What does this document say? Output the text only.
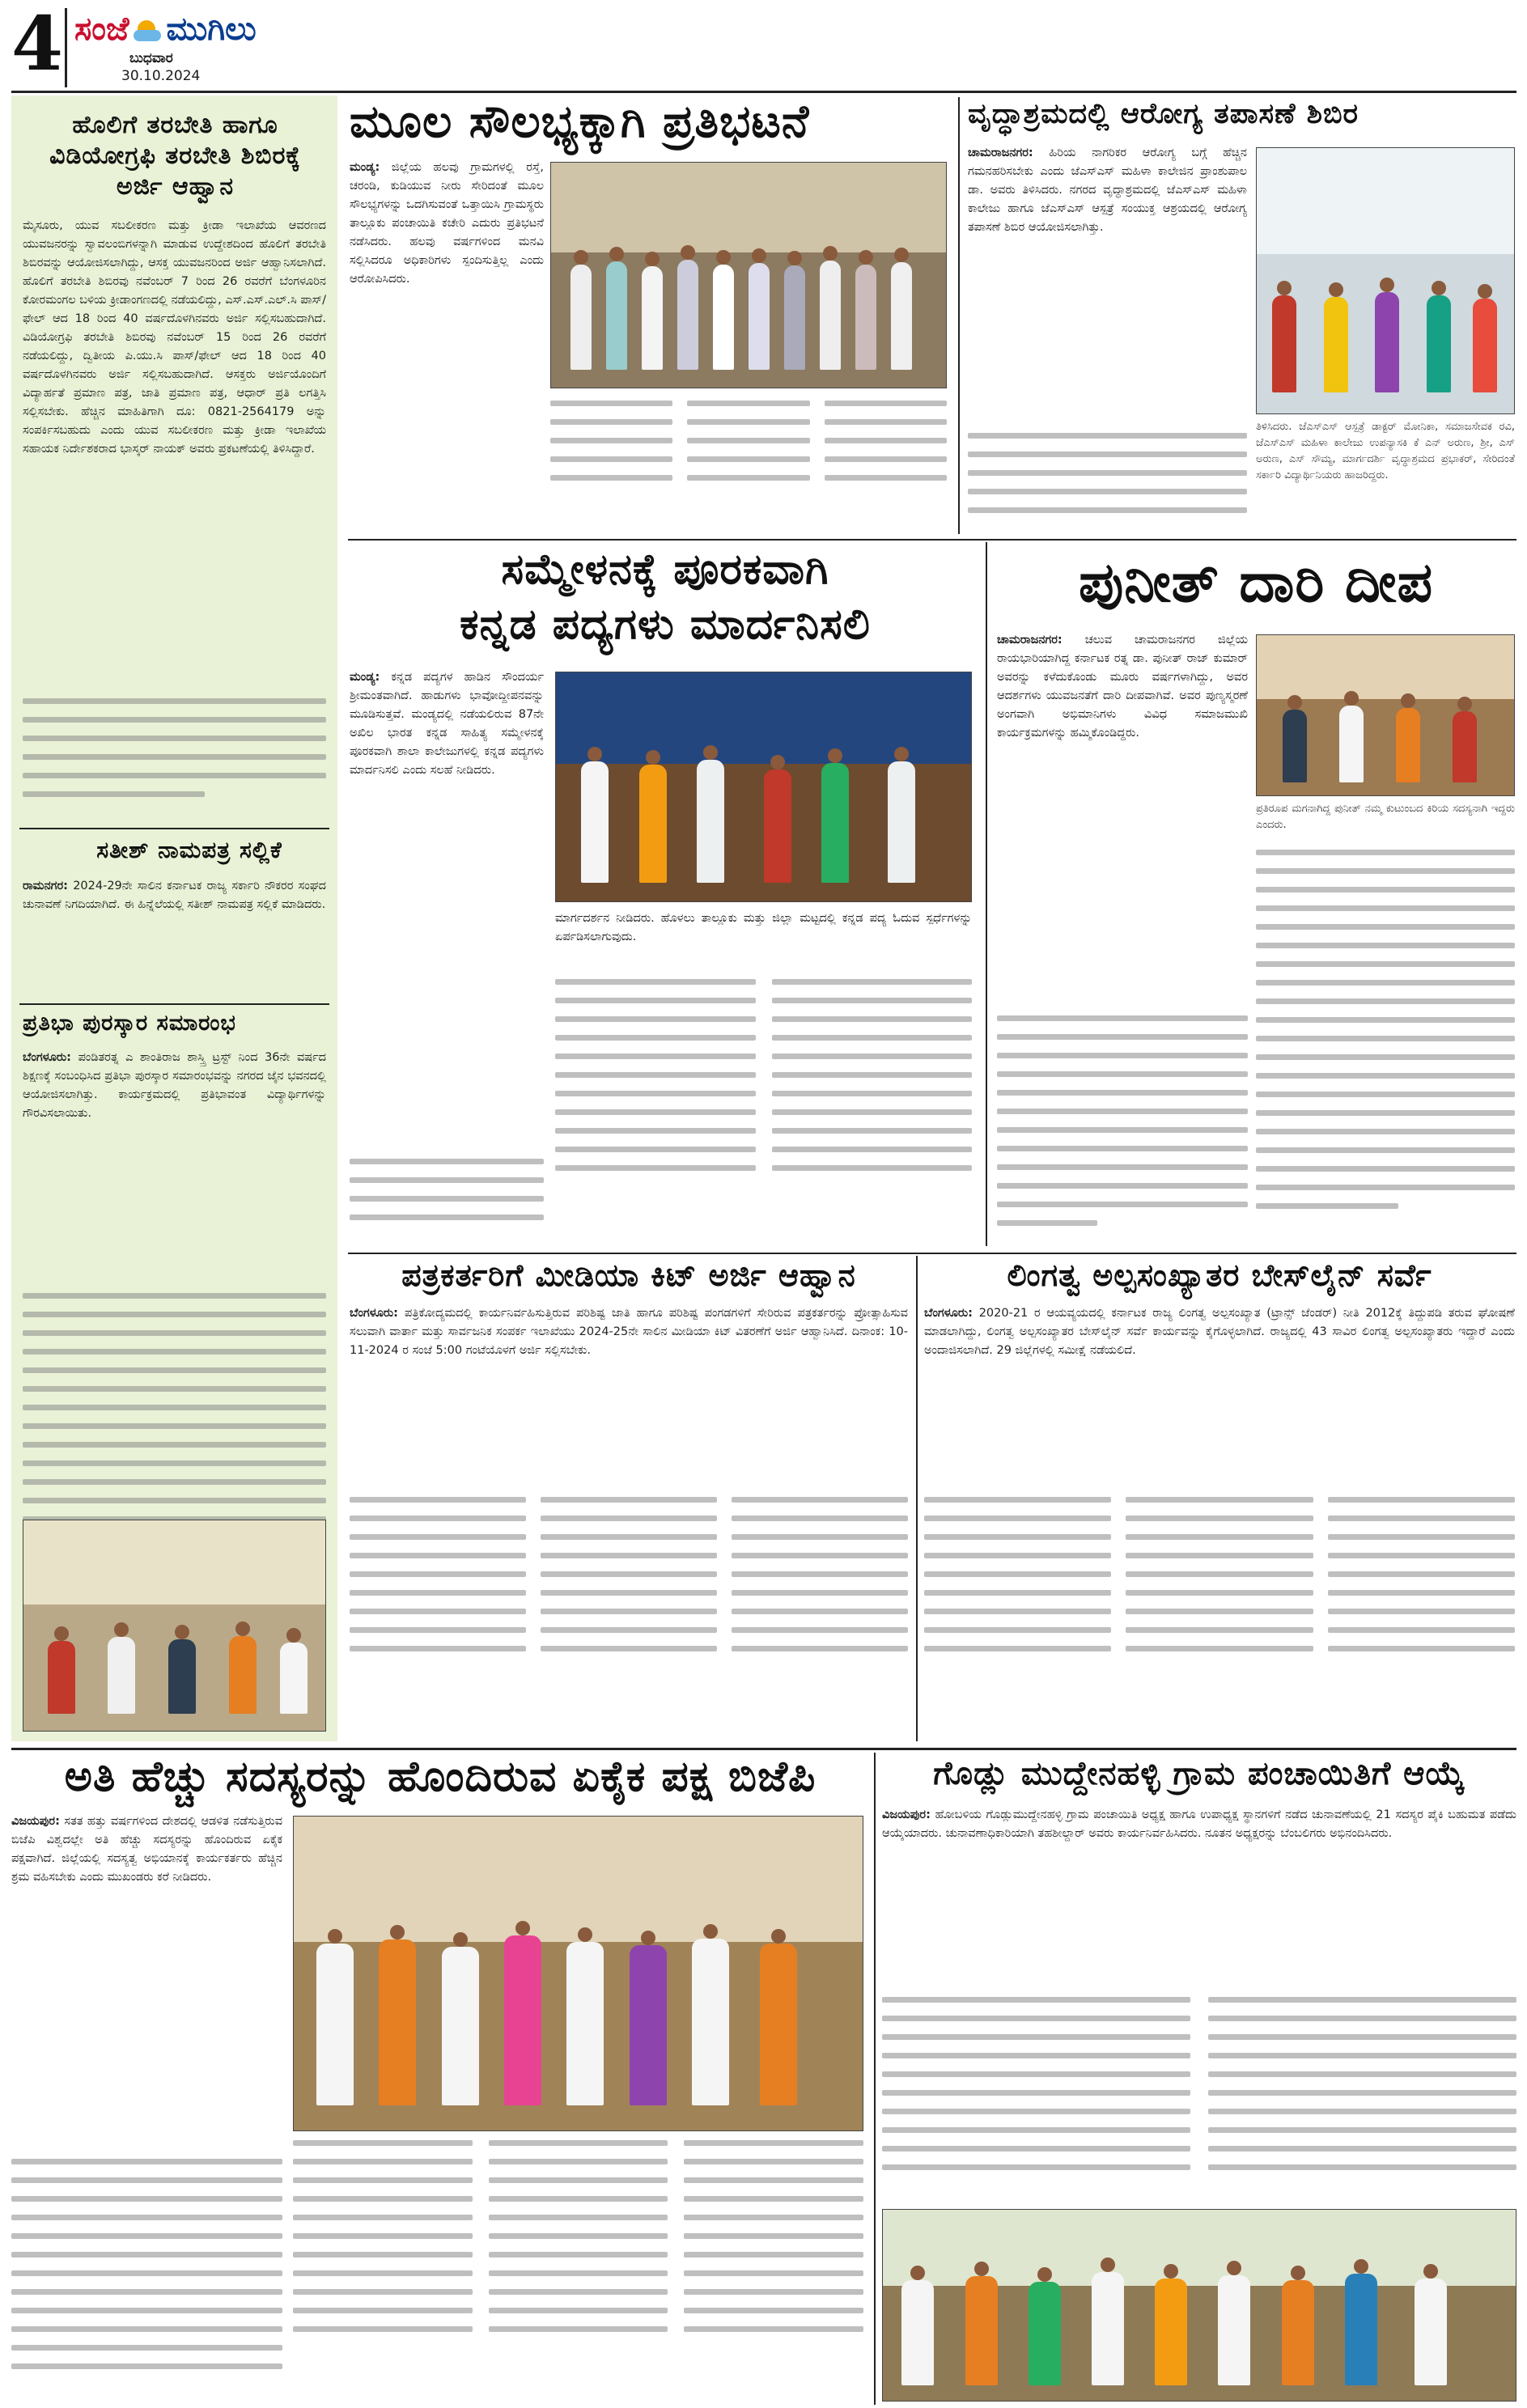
4 ಸಂಜೆ ಮುಗಿಲು
ಬುಧವಾರ
30.10.2024
ಹೊಲಿಗೆ ತರಬೇತಿ ಹಾಗೂ ವಿಡಿಯೋಗ್ರಫಿ ತರಬೇತಿ ಶಿಬಿರಕ್ಕೆ ಅರ್ಜಿ ಆಹ್ವಾನ
ಮೈಸೂರು, ಯುವ ಸಬಲೀಕರಣ ಮತ್ತು ಕ್ರೀಡಾ ಇಲಾಖೆಯ ಆವರಣದ ಯುವಜನರನ್ನು ಸ್ವಾವಲಂಬಿಗಳನ್ನಾಗಿ ಮಾಡುವ ಉದ್ದೇಶದಿಂದ ಹೊಲಿಗೆ ತರಬೇತಿ ಶಿಬಿರವನ್ನು ಆಯೋಜಿಸಲಾಗಿದ್ದು, ಆಸಕ್ತ ಯುವಜನರಿಂದ ಅರ್ಜಿ ಆಹ್ವಾನಿಸಲಾಗಿದೆ. ಹೊಲಿಗೆ ತರಬೇತಿ ಶಿಬಿರವು ನವೆಂಬರ್ 7 ರಿಂದ 26 ರವರೆಗೆ ಬೆಂಗಳೂರಿನ ಕೋರಮಂಗಲ ಬಳಿಯ ಕ್ರೀಡಾಂಗಣದಲ್ಲಿ ನಡೆಯಲಿದ್ದು, ಎಸ್.ಎಸ್.ಎಲ್.ಸಿ ಪಾಸ್/ಫೇಲ್ ಆದ 18 ರಿಂದ 40 ವರ್ಷದೊಳಗಿನವರು ಅರ್ಜಿ ಸಲ್ಲಿಸಬಹುದಾಗಿದೆ. ವಿಡಿಯೋಗ್ರಫಿ ತರಬೇತಿ ಶಿಬಿರವು ನವೆಂಬರ್ 15 ರಿಂದ 26 ರವರೆಗೆ ನಡೆಯಲಿದ್ದು, ದ್ವಿತೀಯ ಪಿ.ಯು.ಸಿ ಪಾಸ್/ಫೇಲ್ ಆದ 18 ರಿಂದ 40 ವರ್ಷದೊಳಗಿನವರು ಅರ್ಜಿ ಸಲ್ಲಿಸಬಹುದಾಗಿದೆ. ಆಸಕ್ತರು ಅರ್ಜಿಯೊಂದಿಗೆ ವಿದ್ಯಾರ್ಹತೆ ಪ್ರಮಾಣ ಪತ್ರ, ಜಾತಿ ಪ್ರಮಾಣ ಪತ್ರ, ಆಧಾರ್ ಪ್ರತಿ ಲಗತ್ತಿಸಿ ಸಲ್ಲಿಸಬೇಕು. ಹೆಚ್ಚಿನ ಮಾಹಿತಿಗಾಗಿ ದೂ: 0821-2564179 ಅನ್ನು ಸಂಪರ್ಕಿಸಬಹುದು ಎಂದು ಯುವ ಸಬಲೀಕರಣ ಮತ್ತು ಕ್ರೀಡಾ ಇಲಾಖೆಯ ಸಹಾಯಕ ನಿರ್ದೇಶಕರಾದ ಭಾಸ್ಕರ್ ನಾಯಕ್ ಅವರು ಪ್ರಕಟಣೆಯಲ್ಲಿ ತಿಳಿಸಿದ್ದಾರೆ.
ಸತೀಶ್ ನಾಮಪತ್ರ ಸಲ್ಲಿಕೆ
ರಾಮನಗರ: 2024-29ನೇ ಸಾಲಿನ ಕರ್ನಾಟಕ ರಾಜ್ಯ ಸರ್ಕಾರಿ ನೌಕರರ ಸಂಘದ ಚುನಾವಣೆ ನಿಗದಿಯಾಗಿದೆ. ಈ ಹಿನ್ನೆಲೆಯಲ್ಲಿ ಸತೀಶ್ ನಾಮಪತ್ರ ಸಲ್ಲಿಕೆ ಮಾಡಿದರು.
ಪ್ರತಿಭಾ ಪುರಸ್ಕಾರ ಸಮಾರಂಭ
ಬೆಂಗಳೂರು: ಪಂಡಿತರತ್ನ ಎ ಶಾಂತಿರಾಜ ಶಾಸ್ತ್ರಿ ಟ್ರಸ್ಟ್ ನಿಂದ 36ನೇ ವರ್ಷದ ಶಿಕ್ಷಣಕ್ಕೆ ಸಂಬಂಧಿಸಿದ ಪ್ರತಿಭಾ ಪುರಸ್ಕಾರ ಸಮಾರಂಭವನ್ನು ನಗರದ ಜೈನ ಭವನದಲ್ಲಿ ಆಯೋಜಿಸಲಾಗಿತ್ತು. ಕಾರ್ಯಕ್ರಮದಲ್ಲಿ ಪ್ರತಿಭಾವಂತ ವಿದ್ಯಾರ್ಥಿಗಳನ್ನು ಗೌರವಿಸಲಾಯಿತು.
ಮೂಲ ಸೌಲಭ್ಯಕ್ಕಾಗಿ ಪ್ರತಿಭಟನೆ
ಮಂಡ್ಯ: ಜಿಲ್ಲೆಯ ಹಲವು ಗ್ರಾಮಗಳಲ್ಲಿ ರಸ್ತೆ, ಚರಂಡಿ, ಕುಡಿಯುವ ನೀರು ಸೇರಿದಂತೆ ಮೂಲ ಸೌಲಭ್ಯಗಳನ್ನು ಒದಗಿಸುವಂತೆ ಒತ್ತಾಯಿಸಿ ಗ್ರಾಮಸ್ಥರು ತಾಲ್ಲೂಕು ಪಂಚಾಯಿತಿ ಕಚೇರಿ ಎದುರು ಪ್ರತಿಭಟನೆ ನಡೆಸಿದರು. ಹಲವು ವರ್ಷಗಳಿಂದ ಮನವಿ ಸಲ್ಲಿಸಿದರೂ ಅಧಿಕಾರಿಗಳು ಸ್ಪಂದಿಸುತ್ತಿಲ್ಲ ಎಂದು ಆರೋಪಿಸಿದರು.
ವೃದ್ಧಾಶ್ರಮದಲ್ಲಿ ಆರೋಗ್ಯ ತಪಾಸಣೆ ಶಿಬಿರ
ಚಾಮರಾಜನಗರ: ಹಿರಿಯ ನಾಗರಿಕರ ಆರೋಗ್ಯ ಬಗ್ಗೆ ಹೆಚ್ಚಿನ ಗಮನಹರಿಸಬೇಕು ಎಂದು ಜೆಎಸ್ಎಸ್ ಮಹಿಳಾ ಕಾಲೇಜಿನ ಪ್ರಾಂಶುಪಾಲ ಡಾ. ಅವರು ತಿಳಿಸಿದರು. ನಗರದ ವೃದ್ಧಾಶ್ರಮದಲ್ಲಿ ಜೆಎಸ್ಎಸ್ ಮಹಿಳಾ ಕಾಲೇಜು ಹಾಗೂ ಜೆಎಸ್ಎಸ್ ಆಸ್ಪತ್ರೆ ಸಂಯುಕ್ತ ಆಶ್ರಯದಲ್ಲಿ ಆರೋಗ್ಯ ತಪಾಸಣೆ ಶಿಬಿರ ಆಯೋಜಿಸಲಾಗಿತ್ತು.
ತಿಳಿಸಿದರು. ಜೆಎಸ್ಎಸ್ ಆಸ್ಪತ್ರೆ ಡಾಕ್ಟರ್ ಮೋನಿಕಾ, ಸಮಾಜಸೇವಕ ರವಿ, ಜೆಎಸ್ಎಸ್ ಮಹಿಳಾ ಕಾಲೇಜು ಉಪನ್ಯಾಸಕಿ ಕೆ ಎನ್ ಅರುಣ, ಶ್ರೀ, ಎಸ್ ಅರುಣ, ಎಸ್ ಸೌಮ್ಯ, ಮಾರ್ಗದರ್ಶಿ ವೃದ್ಧಾಶ್ರಮದ ಪ್ರಭಾಕರ್, ಸೇರಿದಂತೆ ಸರ್ಕಾರಿ ವಿದ್ಯಾರ್ಥಿನಿಯರು ಹಾಜರಿದ್ದರು.
ಸಮ್ಮೇಳನಕ್ಕೆ ಪೂರಕವಾಗಿ
ಕನ್ನಡ ಪದ್ಯಗಳು ಮಾರ್ದನಿಸಲಿ
ಮಂಡ್ಯ: ಕನ್ನಡ ಪದ್ಯಗಳ ಹಾಡಿನ ಸೌಂದರ್ಯ ಶ್ರೀಮಂತವಾಗಿದೆ. ಹಾಡುಗಳು ಭಾವೋದ್ದೀಪನವನ್ನು ಮೂಡಿಸುತ್ತವೆ. ಮಂಡ್ಯದಲ್ಲಿ ನಡೆಯಲಿರುವ 87ನೇ ಅಖಿಲ ಭಾರತ ಕನ್ನಡ ಸಾಹಿತ್ಯ ಸಮ್ಮೇಳನಕ್ಕೆ ಪೂರಕವಾಗಿ ಶಾಲಾ ಕಾಲೇಜುಗಳಲ್ಲಿ ಕನ್ನಡ ಪದ್ಯಗಳು ಮಾರ್ದನಿಸಲಿ ಎಂದು ಸಲಹೆ ನೀಡಿದರು.
ಮಾರ್ಗದರ್ಶನ ನೀಡಿದರು. ಹೊಳಲು ತಾಲ್ಲೂಕು ಮತ್ತು ಜಿಲ್ಲಾ ಮಟ್ಟದಲ್ಲಿ ಕನ್ನಡ ಪದ್ಯ ಓದುವ ಸ್ಪರ್ಧೆಗಳನ್ನು ಏರ್ಪಡಿಸಲಾಗುವುದು.
ಪುನೀತ್ ದಾರಿ ದೀಪ
ಚಾಮರಾಜನಗರ: ಚಲುವ ಚಾಮರಾಜನಗರ ಜಿಲ್ಲೆಯ ರಾಯಭಾರಿಯಾಗಿದ್ದ ಕರ್ನಾಟಕ ರತ್ನ ಡಾ. ಪುನೀತ್ ರಾಜ್ ಕುಮಾರ್ ಅವರನ್ನು ಕಳೆದುಕೊಂಡು ಮೂರು ವರ್ಷಗಳಾಗಿದ್ದು, ಅವರ ಆದರ್ಶಗಳು ಯುವಜನತೆಗೆ ದಾರಿ ದೀಪವಾಗಿವೆ. ಅವರ ಪುಣ್ಯಸ್ಮರಣೆ ಅಂಗವಾಗಿ ಅಭಿಮಾನಿಗಳು ವಿವಿಧ ಸಮಾಜಮುಖಿ ಕಾರ್ಯಕ್ರಮಗಳನ್ನು ಹಮ್ಮಿಕೊಂಡಿದ್ದರು.
ಪ್ರತಿರೂಪ ಮಗನಾಗಿದ್ದ ಪುನೀತ್ ನಮ್ಮ ಕುಟುಂಬದ ಕಿರಿಯ ಸದಸ್ಯನಾಗಿ ಇದ್ದರು ಎಂದರು.
ಪತ್ರಕರ್ತರಿಗೆ ಮೀಡಿಯಾ ಕಿಟ್ ಅರ್ಜಿ ಆಹ್ವಾನ
ಬೆಂಗಳೂರು: ಪತ್ರಿಕೋದ್ಯಮದಲ್ಲಿ ಕಾರ್ಯನಿರ್ವಹಿಸುತ್ತಿರುವ ಪರಿಶಿಷ್ಟ ಜಾತಿ ಹಾಗೂ ಪರಿಶಿಷ್ಟ ಪಂಗಡಗಳಿಗೆ ಸೇರಿರುವ ಪತ್ರಕರ್ತರನ್ನು ಪ್ರೋತ್ಸಾಹಿಸುವ ಸಲುವಾಗಿ ವಾರ್ತಾ ಮತ್ತು ಸಾರ್ವಜನಿಕ ಸಂಪರ್ಕ ಇಲಾಖೆಯು 2024-25ನೇ ಸಾಲಿನ ಮೀಡಿಯಾ ಕಿಟ್ ವಿತರಣೆಗೆ ಅರ್ಜಿ ಆಹ್ವಾನಿಸಿದೆ. ದಿನಾಂಕ: 10-11-2024 ರ ಸಂಜೆ 5:00 ಗಂಟೆಯೊಳಗೆ ಅರ್ಜಿ ಸಲ್ಲಿಸಬೇಕು.
ಲಿಂಗತ್ವ ಅಲ್ಪಸಂಖ್ಯಾತರ ಬೇಸ್‌ಲೈನ್ ಸರ್ವೆ
ಬೆಂಗಳೂರು: 2020-21 ರ ಆಯವ್ಯಯದಲ್ಲಿ ಕರ್ನಾಟಕ ರಾಜ್ಯ ಲಿಂಗತ್ವ ಅಲ್ಪಸಂಖ್ಯಾತ (ಟ್ರಾನ್ಸ್ ಜೆಂಡರ್) ನೀತಿ 2012ಕ್ಕೆ ತಿದ್ದುಪಡಿ ತರುವ ಘೋಷಣೆ ಮಾಡಲಾಗಿದ್ದು, ಲಿಂಗತ್ವ ಅಲ್ಪಸಂಖ್ಯಾತರ ಬೇಸ್‌ಲೈನ್ ಸರ್ವೆ ಕಾರ್ಯವನ್ನು ಕೈಗೊಳ್ಳಲಾಗಿದೆ. ರಾಜ್ಯದಲ್ಲಿ 43 ಸಾವಿರ ಲಿಂಗತ್ವ ಅಲ್ಪಸಂಖ್ಯಾತರು ಇದ್ದಾರೆ ಎಂದು ಅಂದಾಜಿಸಲಾಗಿದೆ. 29 ಜಿಲ್ಲೆಗಳಲ್ಲಿ ಸಮೀಕ್ಷೆ ನಡೆಯಲಿದೆ.
ಅತಿ ಹೆಚ್ಚು ಸದಸ್ಯರನ್ನು ಹೊಂದಿರುವ ಏಕೈಕ ಪಕ್ಷ ಬಿಜೆಪಿ
ವಿಜಯಪುರ: ಸತತ ಹತ್ತು ವರ್ಷಗಳಿಂದ ದೇಶದಲ್ಲಿ ಆಡಳಿತ ನಡೆಸುತ್ತಿರುವ ಬಿಜೆಪಿ ವಿಶ್ವದಲ್ಲೇ ಅತಿ ಹೆಚ್ಚು ಸದಸ್ಯರನ್ನು ಹೊಂದಿರುವ ಏಕೈಕ ಪಕ್ಷವಾಗಿದೆ. ಜಿಲ್ಲೆಯಲ್ಲಿ ಸದಸ್ಯತ್ವ ಅಭಿಯಾನಕ್ಕೆ ಕಾರ್ಯಕರ್ತರು ಹೆಚ್ಚಿನ ಶ್ರಮ ವಹಿಸಬೇಕು ಎಂದು ಮುಖಂಡರು ಕರೆ ನೀಡಿದರು.
ಗೊಡ್ಲು ಮುದ್ದೇನಹಳ್ಳಿ ಗ್ರಾಮ ಪಂಚಾಯಿತಿಗೆ ಆಯ್ಕೆ
ವಿಜಯಪುರ: ಹೋಬಳಿಯ ಗೊಡ್ಲುಮುದ್ದೇನಹಳ್ಳಿ ಗ್ರಾಮ ಪಂಚಾಯಿತಿ ಅಧ್ಯಕ್ಷ ಹಾಗೂ ಉಪಾಧ್ಯಕ್ಷ ಸ್ಥಾನಗಳಿಗೆ ನಡೆದ ಚುನಾವಣೆಯಲ್ಲಿ 21 ಸದಸ್ಯರ ಪೈಕಿ ಬಹುಮತ ಪಡೆದು ಆಯ್ಕೆಯಾದರು. ಚುನಾವಣಾಧಿಕಾರಿಯಾಗಿ ತಹಶೀಲ್ದಾರ್ ಅವರು ಕಾರ್ಯನಿರ್ವಹಿಸಿದರು. ನೂತನ ಅಧ್ಯಕ್ಷರನ್ನು ಬೆಂಬಲಿಗರು ಅಭಿನಂದಿಸಿದರು.
